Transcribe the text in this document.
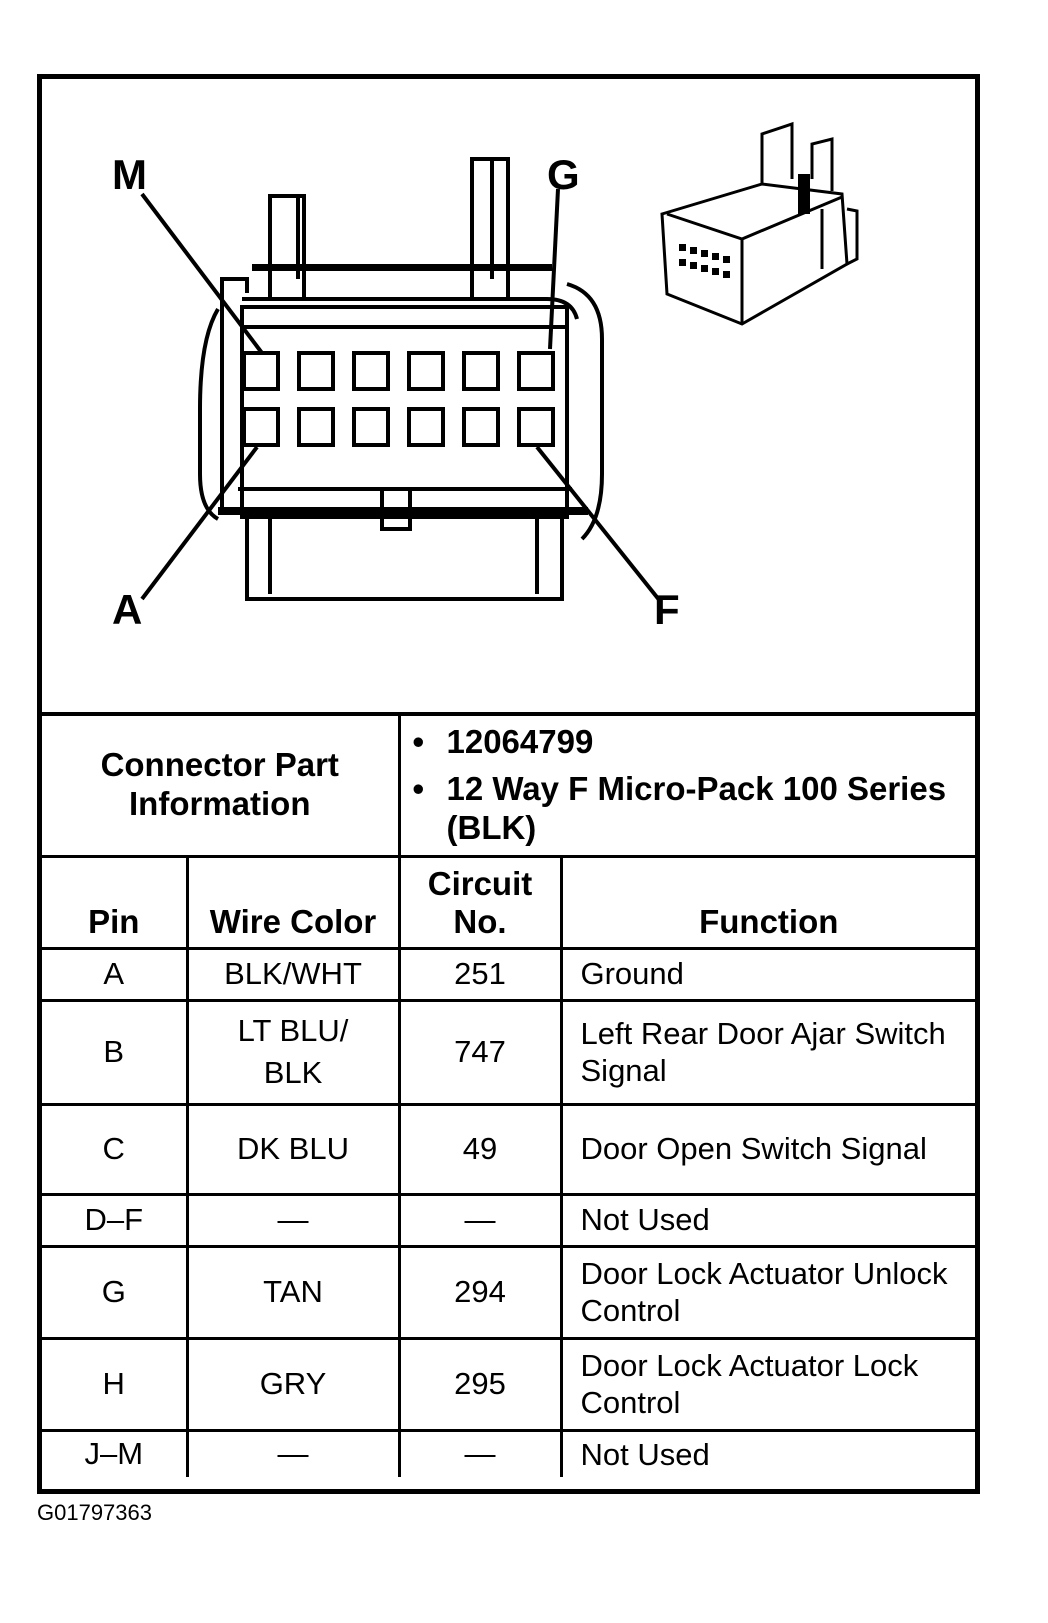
M	G
A	F
Connector Part Information		• 12064799
• 12 Way F Micro-Pack 100 Series (BLK)	

Pin	Wire Color	Circuit No.	Function
A	BLK/WHT	251	Ground
B	LT BLU/ BLK	747	Left Rear Door Ajar Switch Signal
C	DK BLU	49	Door Open Switch Signal
D–F	—	—	Not Used
G	TAN	294	Door Lock Actuator Unlock Control
H	GRY	295	Door Lock Actuator Lock Control
J–M	—	—	Not Used
G01797363
